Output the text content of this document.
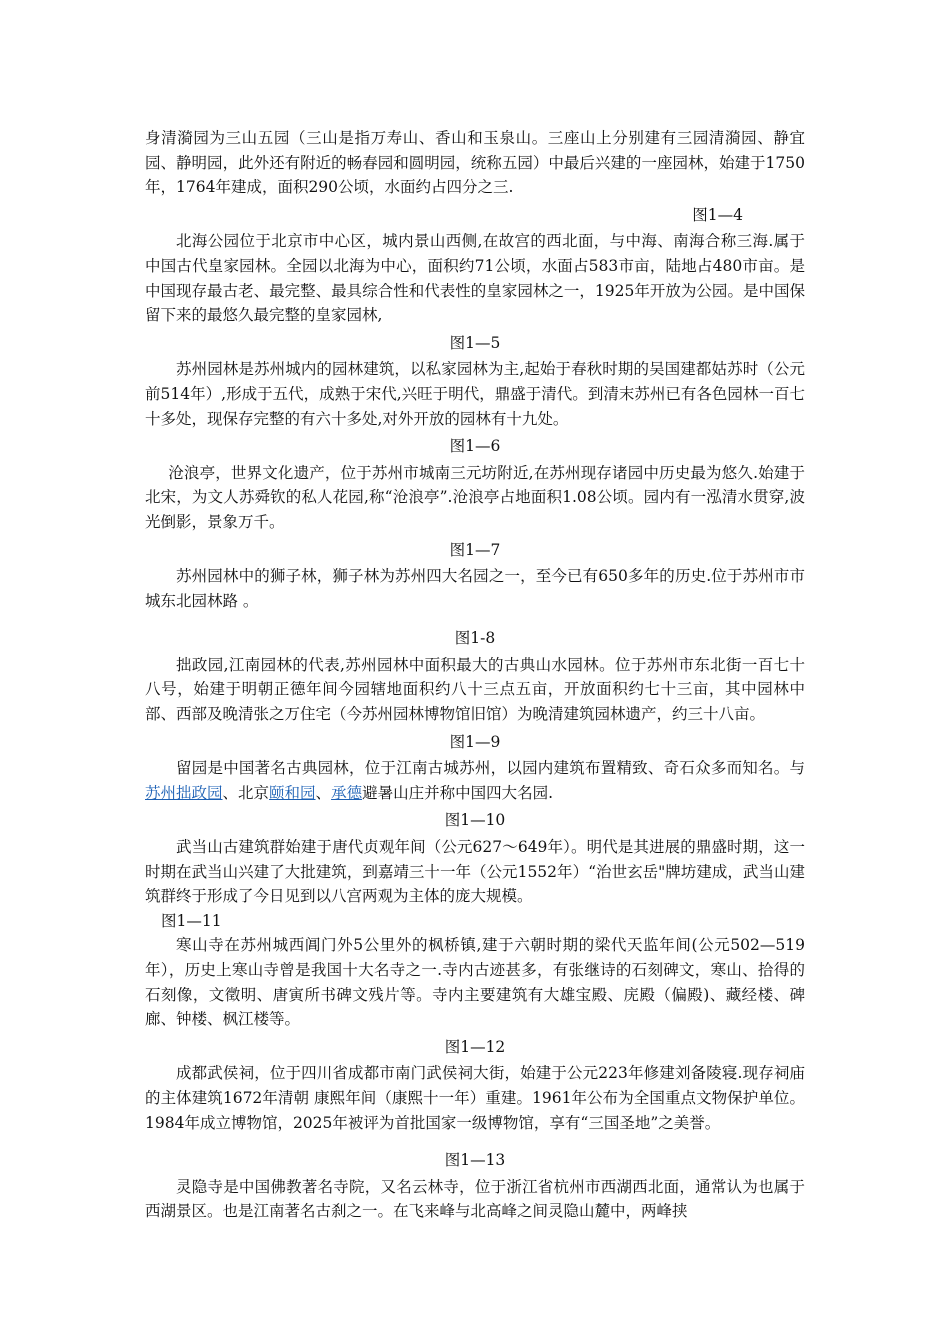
身清漪园为三山五园（三山是指万寿山、香山和玉泉山。三座山上分别建有三园清漪园、静宜园、静明园，此外还有附近的畅春园和圆明园，统称五园）中最后兴建的一座园林，始建于1750年，1764年建成，面积290公顷，水面约占四分之三.

图1—4

北海公园位于北京市中心区，城内景山西侧,在故宫的西北面，与中海、南海合称三海.属于中国古代皇家园林。全园以北海为中心，面积约71公顷，水面占583市亩，陆地占480市亩。是中国现存最古老、最完整、最具综合性和代表性的皇家园林之一，1925年开放为公园。是中国保留下来的最悠久最完整的皇家园林,

图1—5

苏州园林是苏州城内的园林建筑，以私家园林为主,起始于春秋时期的吴国建都姑苏时（公元前514年）,形成于五代，成熟于宋代,兴旺于明代，鼎盛于清代。到清末苏州已有各色园林一百七十多处，现保存完整的有六十多处,对外开放的园林有十九处。

图1—6

沧浪亭，世界文化遗产，位于苏州市城南三元坊附近,在苏州现存诸园中历史最为悠久.始建于北宋，为文人苏舜钦的私人花园,称“沧浪亭”.沧浪亭占地面积1.08公顷。园内有一泓清水贯穿,波光倒影，景象万千。

图1—7

苏州园林中的狮子林，狮子林为苏州四大名园之一，至今已有650多年的历史.位于苏州市市城东北园林路 。

图1-8

拙政园,江南园林的代表,苏州园林中面积最大的古典山水园林。位于苏州市东北街一百七十八号，始建于明朝正德年间今园辖地面积约八十三点五亩，开放面积约七十三亩，其中园林中部、西部及晚清张之万住宅（今苏州园林博物馆旧馆）为晚清建筑园林遗产，约三十八亩。

图1—9

留园是中国著名古典园林，位于江南古城苏州，以园内建筑布置精致、奇石众多而知名。与苏州拙政园、北京颐和园、承德避暑山庄并称中国四大名园.

图1—10

武当山古建筑群始建于唐代贞观年间（公元627～649年）。明代是其进展的鼎盛时期，这一时期在武当山兴建了大批建筑，到嘉靖三十一年（公元1552年）“治世玄岳"牌坊建成，武当山建筑群终于形成了今日见到以八宫两观为主体的庞大规模。

图1—11

寒山寺在苏州城西阊门外5公里外的枫桥镇,建于六朝时期的梁代天监年间(公元502—519年），历史上寒山寺曾是我国十大名寺之一.寺内古迹甚多，有张继诗的石刻碑文，寒山、拾得的石刻像，文徵明、唐寅所书碑文残片等。寺内主要建筑有大雄宝殿、庑殿（偏殿)、藏经楼、碑廊、钟楼、枫江楼等。

图1—12

成都武侯祠，位于四川省成都市南门武侯祠大街，始建于公元223年修建刘备陵寝.现存祠庙的主体建筑1672年清朝 康熙年间（康熙十一年）重建。1961年公布为全国重点文物保护单位。1984年成立博物馆，2025年被评为首批国家一级博物馆，享有“三国圣地”之美誉。

图1—13

灵隐寺是中国佛教著名寺院，又名云林寺，位于浙江省杭州市西湖西北面，通常认为也属于西湖景区。也是江南著名古刹之一。在飞来峰与北高峰之间灵隐山麓中，两峰挟
